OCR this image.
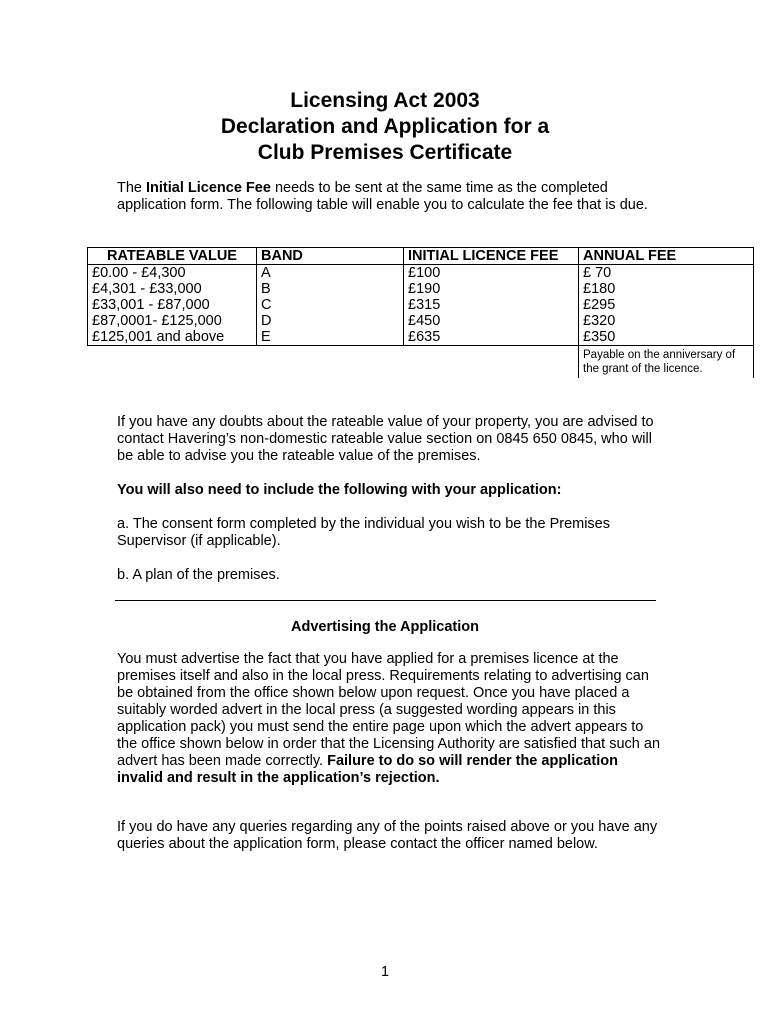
Licensing Act 2003
Declaration and Application for a
Club Premises Certificate
The Initial Licence Fee needs to be sent at the same time as the completed application form. The following table will enable you to calculate the fee that is due.
RATEABLE VALUE	BAND	INITIAL LICENCE FEE	ANNUAL FEE
£0.00 - £4,300	A	£100	£ 70
£4,301 - £33,000	B	£190	£180
£33,001 - £87,000	C	£315	£295
£87,0001- £125,000	D	£450	£320
£125,001 and above	E	£635	£350
			Payable on the anniversary of the grant of the licence.
If you have any doubts about the rateable value of your property, you are advised to contact Havering’s non-domestic rateable value section on 0845 650 0845, who will be able to advise you the rateable value of the premises.
You will also need to include the following with your application:
a. The consent form completed by the individual you wish to be the Premises Supervisor (if applicable).
b. A plan of the premises.
Advertising the Application
You must advertise the fact that you have applied for a premises licence at the premises itself and also in the local press. Requirements relating to advertising can be obtained from the office shown below upon request. Once you have placed a suitably worded advert in the local press (a suggested wording appears in this application pack) you must send the entire page upon which the advert appears to the office shown below in order that the Licensing Authority are satisfied that such an advert has been made correctly. Failure to do so will render the application invalid and result in the application’s rejection.
If you do have any queries regarding any of the points raised above or you have any queries about the application form, please contact the officer named below.
1
